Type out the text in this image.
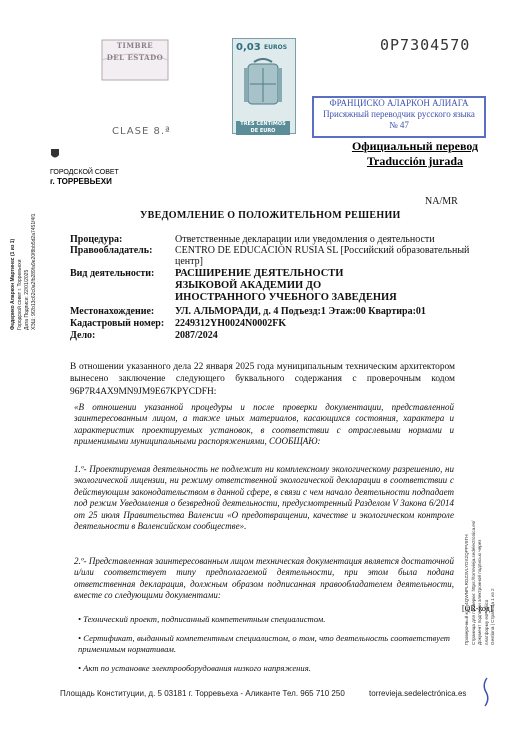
TIMBRE
DEL ESTADO
CLASE 8.ª
0,03 EUROS
TRES CÉNTIMOS DE EURO
0P7304570
ФРАНЦИСКО АЛАРКОН АЛИАГА
Присяжный переводчик русского языка
№ 47
Официальный перевод
Traducción jurada
ГОРОДСКОЙ СОВЕТ
г. ТОРРЕВЬЕХИ
NA/MR
Федерико Аларкон Мартинес (1 из 1) Городской совет г. Торревьехи Дата Подписи: 22/01/2025 ХЭШ: 9f2b13c62c0a2fb289fa9e20f8bb5d2a7451f4f1	УВЕДОМЛЕНИЕ О ПОЛОЖИТЕЛЬНОМ РЕШЕНИИ
Процедура:	Ответственные декларации или уведомления о деятельности
Правообладатель: CENTRO DE EDUCACIÓN RUSIA SL [Российский образовательный центр]
Вид деятельности: РАСШИРЕНИЕ ДЕЯТЕЛЬНОСТИ ЯЗЫКОВОЙ АКАДЕМИИ ДО ИНОСТРАННОГО УЧЕБНОГО ЗАВЕДЕНИЯ
Местонахождение: УЛ. АЛЬМОРАДИ, д. 4 Подъезд:1 Этаж:00 Квартира:01
Кадастровый номер: 2249312YH0024N0002FK
Дело:	2087/2024
В отношении указанного дела 22 января 2025 года муниципальным техническим архитектором вынесено заключение следующего буквального содержания с проверочным кодом 96P7R4AX9MN9JM9E67KPYCDFH:
«В отношении указанной процедуры и после проверки документации, представленной заинтересованным лицом, а также иных материалов, касающихся состояния, характера и характеристик проектируемых установок, в соответствии с отраслевыми нормами и применимыми муниципальными распоряжениями, СООБЩАЮ:
1.º- Проектируемая деятельность не подлежит ни комплексному экологическому разрешению, ни экологической лицензии, ни режиму ответственной экологической декларации в соответствии с действующим законодательством в данной сфере, в связи с чем начало деятельности подпадает под режим Уведомления о безвредной деятельности, предусмотренный Разделом V Закона 6/2014 от 25 июля Правительства Валенсии «О предотвращении, качестве и экологическом контроле деятельности в Валенсийском сообществе».
2.º- Представленная заинтересованным лицом техническая документация является достаточной и/или соответствует типу предполагаемой деятельности, при этом была подана ответственная декларация, должным образом подписанная правообладателем деятельности, вместе со следующими документами:
• Технический проект, подписанный компетентным специалистом.
• Сертификат, выданный компетентным специалистом, о том, что деятельность соответствует применимым нормативам.
• Акт по установке электрооборудования низкого напряжения.
Проверочный код: 4QWNPLRGZ3VLYDX2QPPV5TH Страница для проверки: https://torrevieja.sedelectronica.es/ Документ подписан электронной подписью через платформу esPublico Gestiona | Страница 1 из 2
[QR-код]
Площадь Конституции, д. 5 03181 г. Торревьеха - Аликанте Тел. 965 710 250	torrevieja.sedelectrónica.es
